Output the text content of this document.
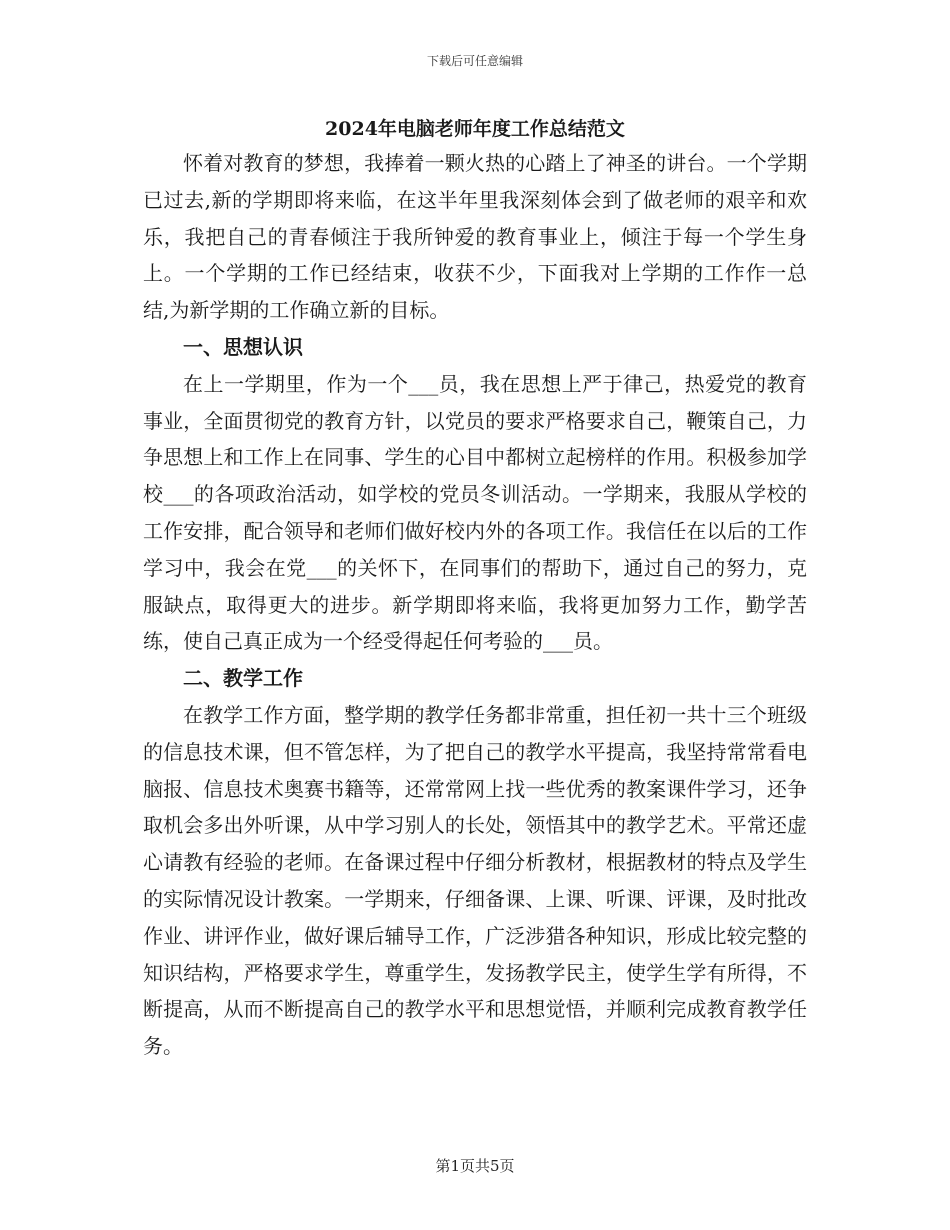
下载后可任意编辑
2024年电脑老师年度工作总结范文

怀着对教育的梦想，我捧着一颗火热的心踏上了神圣的讲台。一个学期已过去,新的学期即将来临，在这半年里我深刻体会到了做老师的艰辛和欢乐，我把自己的青春倾注于我所钟爱的教育事业上，倾注于每一个学生身上。一个学期的工作已经结束，收获不少，下面我对上学期的工作作一总结,为新学期的工作确立新的目标。

一、思想认识

在上一学期里，作为一个___员，我在思想上严于律己，热爱党的教育事业，全面贯彻党的教育方针，以党员的要求严格要求自己，鞭策自己，力争思想上和工作上在同事、学生的心目中都树立起榜样的作用。积极参加学校___的各项政治活动，如学校的党员冬训活动。一学期来，我服从学校的工作安排，配合领导和老师们做好校内外的各项工作。我信任在以后的工作学习中，我会在党___的关怀下，在同事们的帮助下，通过自己的努力，克服缺点，取得更大的进步。新学期即将来临，我将更加努力工作，勤学苦练，使自己真正成为一个经受得起任何考验的___员。

二、教学工作

在教学工作方面，整学期的教学任务都非常重，担任初一共十三个班级的信息技术课，但不管怎样，为了把自己的教学水平提高，我坚持常常看电脑报、信息技术奥赛书籍等，还常常网上找一些优秀的教案课件学习，还争取机会多出外听课，从中学习别人的长处，领悟其中的教学艺术。平常还虚心请教有经验的老师。在备课过程中仔细分析教材，根据教材的特点及学生的实际情况设计教案。一学期来，仔细备课、上课、听课、评课，及时批改作业、讲评作业，做好课后辅导工作，广泛涉猎各种知识，形成比较完整的知识结构，严格要求学生，尊重学生，发扬教学民主，使学生学有所得，不断提高，从而不断提高自己的教学水平和思想觉悟，并顺利完成教育教学任务。

第1页共5页
